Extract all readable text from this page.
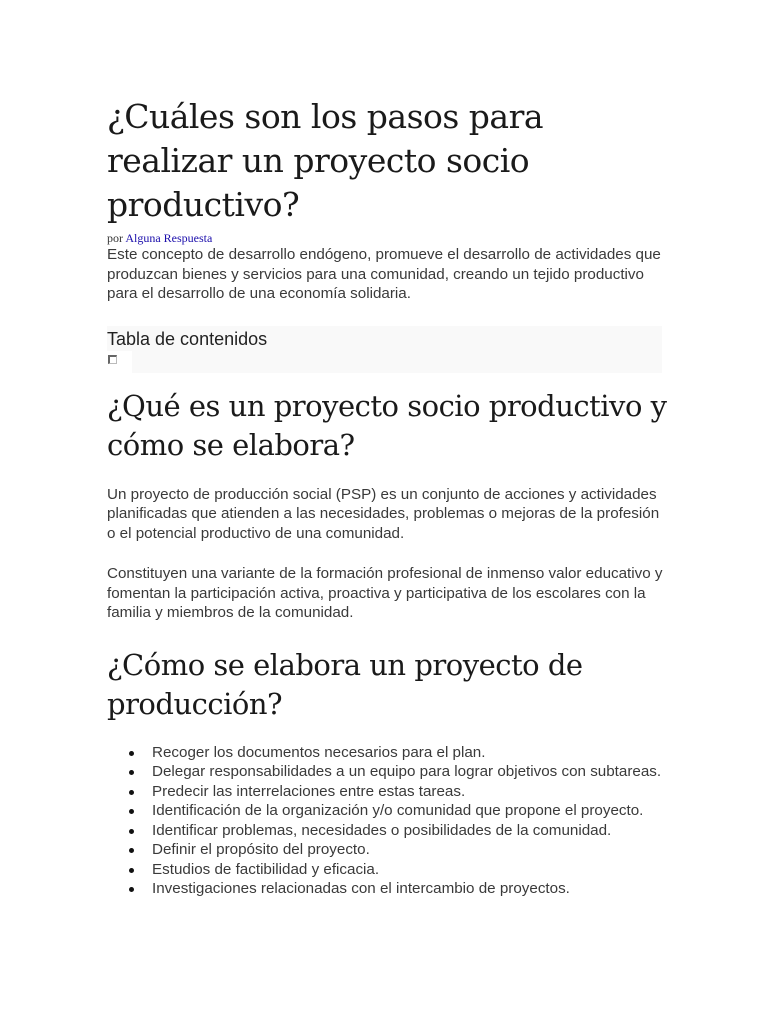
¿Cuáles son los pasos para realizar un proyecto socio productivo?
por Alguna Respuesta

Este concepto de desarrollo endógeno, promueve el desarrollo de actividades que produzcan bienes y servicios para una comunidad, creando un tejido productivo para el desarrollo de una economía solidaria.

Tabla de contenidos
¿Qué es un proyecto socio productivo y cómo se elabora?

Un proyecto de producción social (PSP) es un conjunto de acciones y actividades planificadas que atienden a las necesidades, problemas o mejoras de la profesión o el potencial productivo de una comunidad.

Constituyen una variante de la formación profesional de inmenso valor educativo y fomentan la participación activa, proactiva y participativa de los escolares con la familia y miembros de la comunidad.

¿Cómo se elabora un proyecto de producción?
Recoger los documentos necesarios para el plan.
Delegar responsabilidades a un equipo para lograr objetivos con subtareas.
Predecir las interrelaciones entre estas tareas.
Identificación de la organización y/o comunidad que propone el proyecto.
Identificar problemas, necesidades o posibilidades de la comunidad.
Definir el propósito del proyecto.
Estudios de factibilidad y eficacia.
Investigaciones relacionadas con el intercambio de proyectos.
